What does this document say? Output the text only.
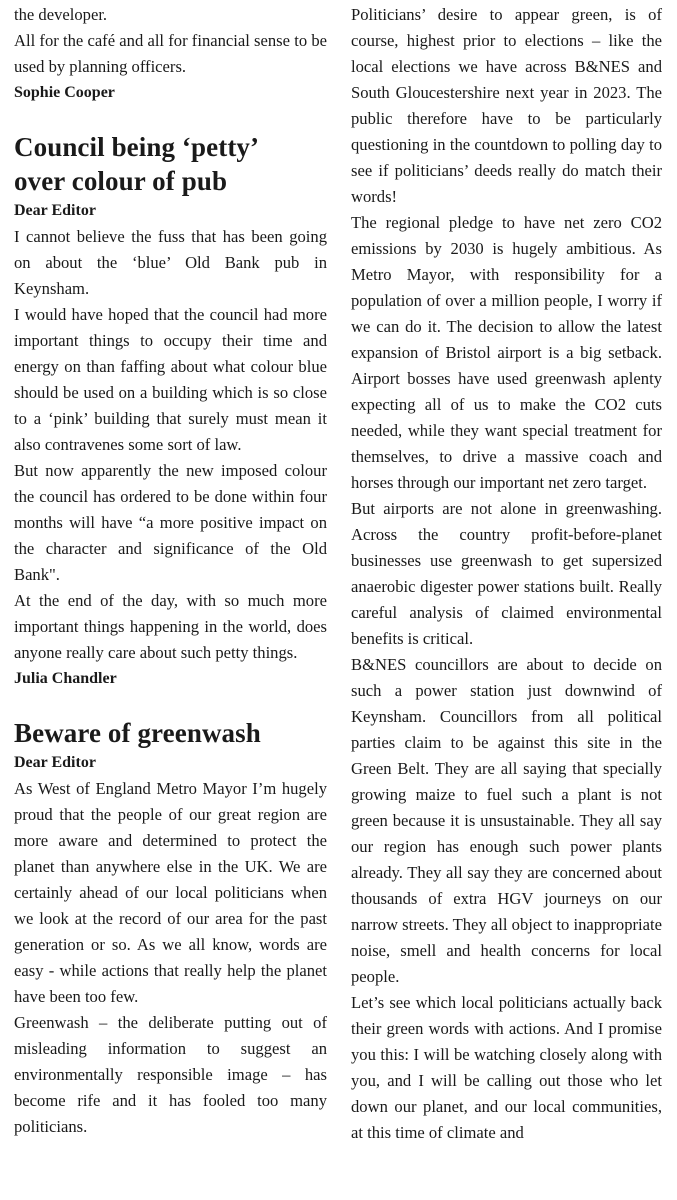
the developer.

All for the café and all for financial sense to be used by planning officers.

Sophie Cooper
Council being ‘petty’
over colour of pub
Dear Editor

I cannot believe the fuss that has been going on about the ‘blue’ Old Bank pub in Keynsham.

I would have hoped that the council had more important things to occupy their time and energy on than faffing about what colour blue should be used on a building which is so close to a ‘pink’ building that surely must mean it also contravenes some sort of law.

But now apparently the new imposed colour the council has ordered to be done within four months will have “a more positive impact on the character and significance of the Old Bank".

At the end of the day, with so much more important things happening in the world, does anyone really care about such petty things.

Julia Chandler
Beware of greenwash
Dear Editor

As West of England Metro Mayor I’m hugely proud that the people of our great region are more aware and determined to protect the planet than anywhere else in the UK. We are certainly ahead of our local politicians when we look at the record of our area for the past generation or so. As we all know, words are easy - while actions that really help the planet have been too few.

Greenwash – the deliberate putting out of misleading information to suggest an environmentally responsible image – has become rife and it has fooled too many politicians.

Politicians’ desire to appear green, is of course, highest prior to elections – like the local elections we have across B&NES and South Gloucestershire next year in 2023. The public therefore have to be particularly questioning in the countdown to polling day to see if politicians’ deeds really do match their words!

The regional pledge to have net zero CO2 emissions by 2030 is hugely ambitious. As Metro Mayor, with responsibility for a population of over a million people, I worry if we can do it. The decision to allow the latest expansion of Bristol airport is a big setback. Airport bosses have used greenwash aplenty expecting all of us to make the CO2 cuts needed, while they want special treatment for themselves, to drive a massive coach and horses through our important net zero target.

But airports are not alone in greenwashing. Across the country profit-before-planet businesses use greenwash to get supersized anaerobic digester power stations built. Really careful analysis of claimed environmental benefits is critical.

B&NES councillors are about to decide on such a power station just downwind of Keynsham. Councillors from all political parties claim to be against this site in the Green Belt. They are all saying that specially growing maize to fuel such a plant is not green because it is unsustainable. They all say our region has enough such power plants already. They all say they are concerned about thousands of extra HGV journeys on our narrow streets. They all object to inappropriate noise, smell and health concerns for local people.

Let’s see which local politicians actually back their green words with actions. And I promise you this: I will be watching closely along with you, and I will be calling out those who let down our planet, and our local communities, at this time of climate and
